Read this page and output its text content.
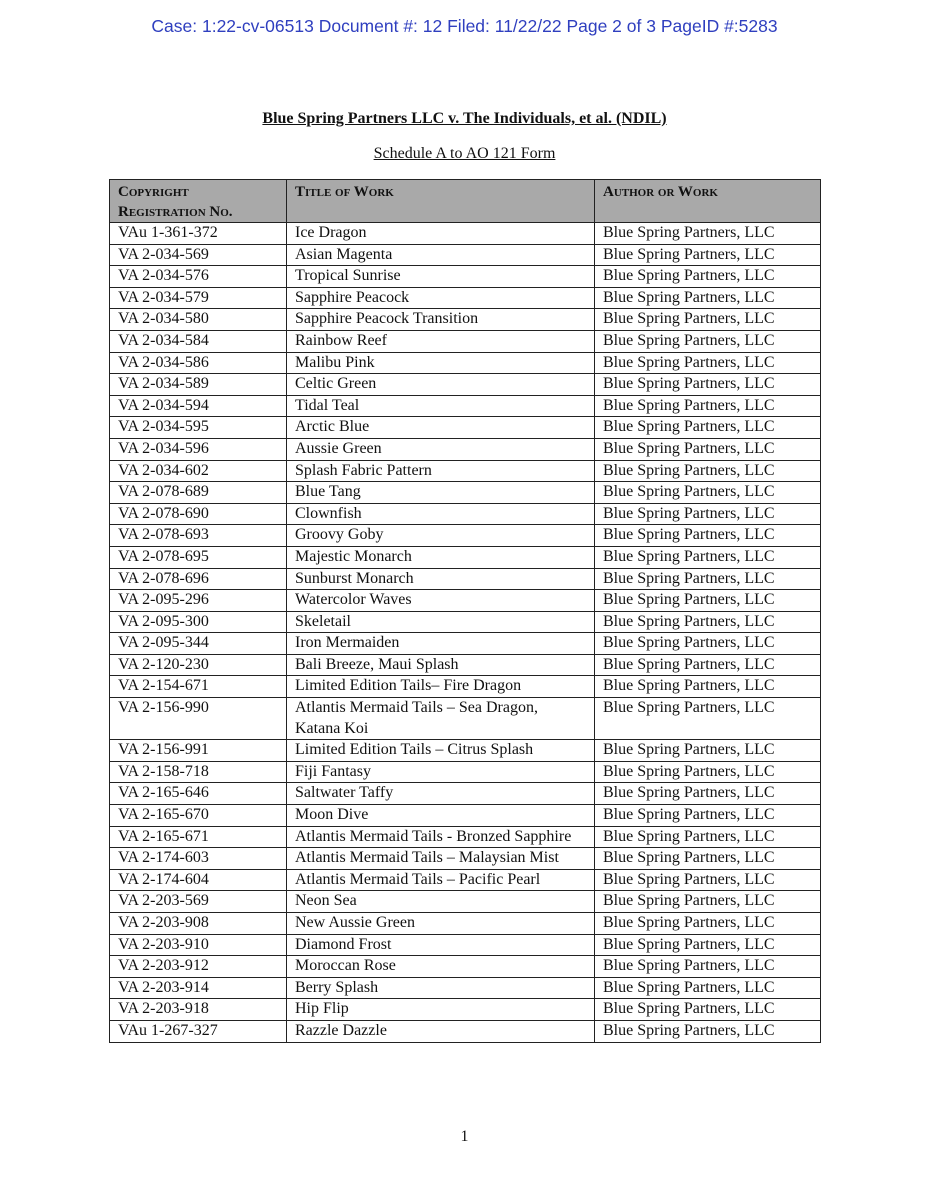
Case: 1:22-cv-06513 Document #: 12 Filed: 11/22/22 Page 2 of 3 PageID #:5283
Blue Spring Partners LLC v. The Individuals, et al. (NDIL)
Schedule A to AO 121 Form
Copyright Registration No.	Title of Work	Author or Work
VAu 1-361-372	Ice Dragon	Blue Spring Partners, LLC
VA 2-034-569	Asian Magenta	Blue Spring Partners, LLC
VA 2-034-576	Tropical Sunrise	Blue Spring Partners, LLC
VA 2-034-579	Sapphire Peacock	Blue Spring Partners, LLC
VA 2-034-580	Sapphire Peacock Transition	Blue Spring Partners, LLC
VA 2-034-584	Rainbow Reef	Blue Spring Partners, LLC
VA 2-034-586	Malibu Pink	Blue Spring Partners, LLC
VA 2-034-589	Celtic Green	Blue Spring Partners, LLC
VA 2-034-594	Tidal Teal	Blue Spring Partners, LLC
VA 2-034-595	Arctic Blue	Blue Spring Partners, LLC
VA 2-034-596	Aussie Green	Blue Spring Partners, LLC
VA 2-034-602	Splash Fabric Pattern	Blue Spring Partners, LLC
VA 2-078-689	Blue Tang	Blue Spring Partners, LLC
VA 2-078-690	Clownfish	Blue Spring Partners, LLC
VA 2-078-693	Groovy Goby	Blue Spring Partners, LLC
VA 2-078-695	Majestic Monarch	Blue Spring Partners, LLC
VA 2-078-696	Sunburst Monarch	Blue Spring Partners, LLC
VA 2-095-296	Watercolor Waves	Blue Spring Partners, LLC
VA 2-095-300	Skeletail	Blue Spring Partners, LLC
VA 2-095-344	Iron Mermaiden	Blue Spring Partners, LLC
VA 2-120-230	Bali Breeze, Maui Splash	Blue Spring Partners, LLC
VA 2-154-671	Limited Edition Tails– Fire Dragon	Blue Spring Partners, LLC
VA 2-156-990	Atlantis Mermaid Tails – Sea Dragon, Katana Koi	Blue Spring Partners, LLC
VA 2-156-991	Limited Edition Tails – Citrus Splash	Blue Spring Partners, LLC
VA 2-158-718	Fiji Fantasy	Blue Spring Partners, LLC
VA 2-165-646	Saltwater Taffy	Blue Spring Partners, LLC
VA 2-165-670	Moon Dive	Blue Spring Partners, LLC
VA 2-165-671	Atlantis Mermaid Tails - Bronzed Sapphire	Blue Spring Partners, LLC
VA 2-174-603	Atlantis Mermaid Tails – Malaysian Mist	Blue Spring Partners, LLC
VA 2-174-604	Atlantis Mermaid Tails – Pacific Pearl	Blue Spring Partners, LLC
VA 2-203-569	Neon Sea	Blue Spring Partners, LLC
VA 2-203-908	New Aussie Green	Blue Spring Partners, LLC
VA 2-203-910	Diamond Frost	Blue Spring Partners, LLC
VA 2-203-912	Moroccan Rose	Blue Spring Partners, LLC
VA 2-203-914	Berry Splash	Blue Spring Partners, LLC
VA 2-203-918	Hip Flip	Blue Spring Partners, LLC
VAu 1-267-327	Razzle Dazzle	Blue Spring Partners, LLC
1
